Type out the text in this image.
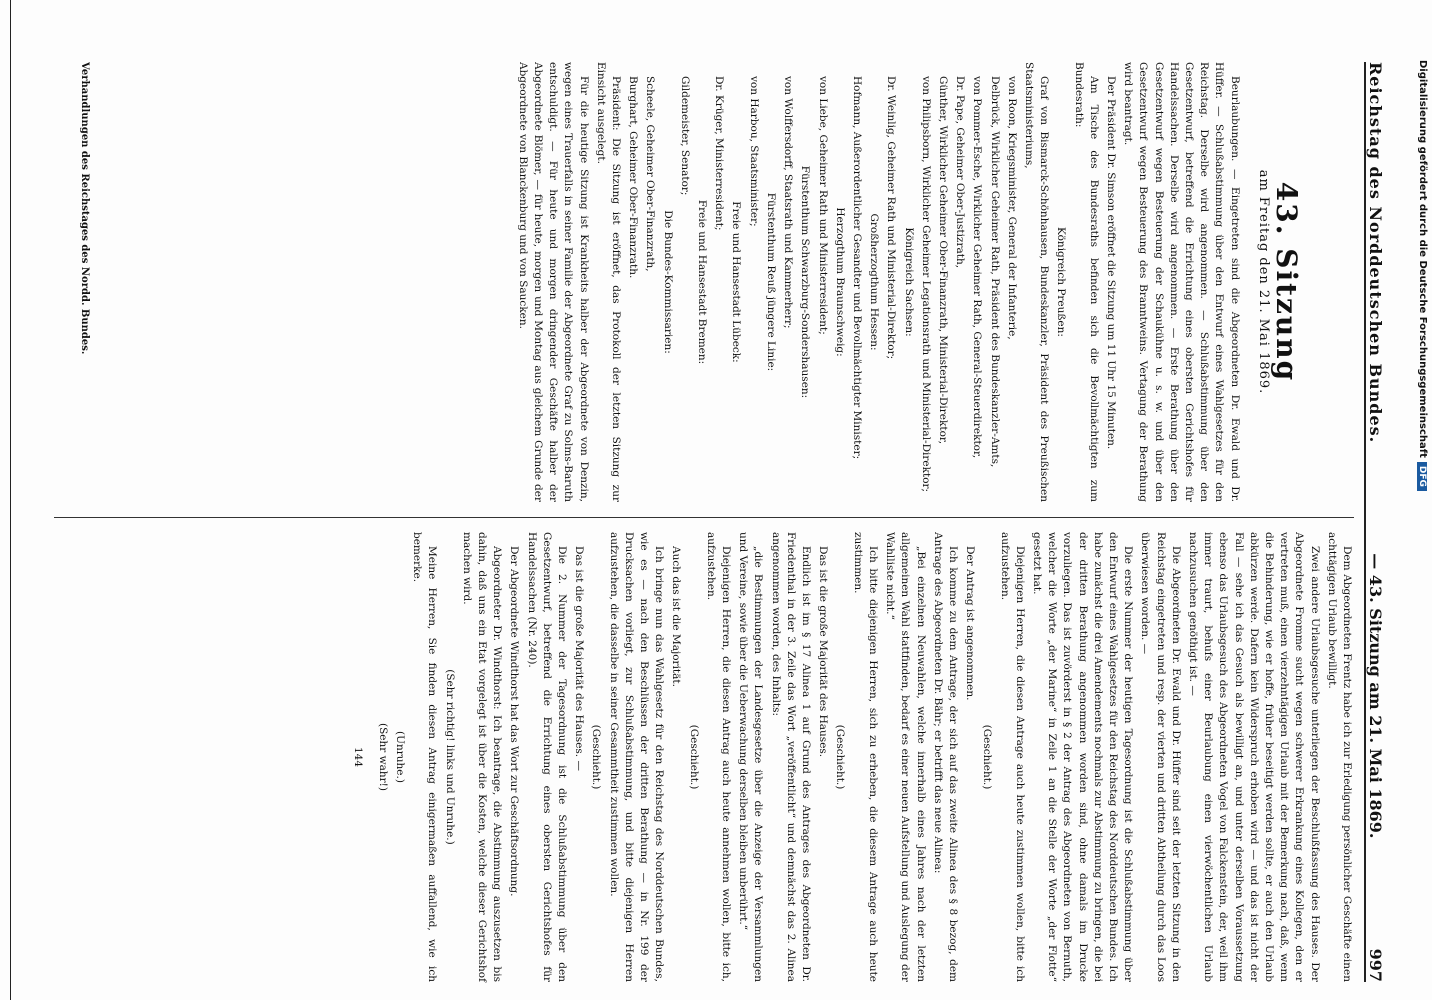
Reichstag des Norddeutschen Bundes.
— 43. Sitzung am 21. Mai 1869.
997
43. Sitzung
am Freitag den 21. Mai 1869.

Beurlaubungen. — Eingetreten sind die Abgeordneten Dr. Ewald und Dr. Hüffer. — Schlußabstimmung über den Entwurf eines Wahlgesetzes für den Reichstag. Derselbe wird angenommen. — Schlußabstimmung über den Gesetzentwurf, betreffend die Errichtung eines obersten Gerichtshofes für Handelssachen. Derselbe wird angenommen. — Erste Berathung über den Gesetzentwurf wegen Besteuerung der Schaukühne u. s. w. und über den Gesetzentwurf wegen Besteuerung des Branntweins. Vertagung der Berathung wird beantragt.

Der Präsident Dr. Simson eröffnet die Sitzung um 11 Uhr 15 Minuten.

Am Tische des Bundesraths befinden sich die Bevollmächtigten zum Bundesrath:

Königreich Preußen:

Graf von Bismarck-Schönhausen, Bundeskanzler, Präsident des Preußischen Staatsministeriums,

von Roon, Kriegsminister, General der Infanterie,

Delbrück, Wirklicher Geheimer Rath, Präsident des Bundeskanzler-Amts,

von Pommer-Esche, Wirklicher Geheimer Rath, General-Steuerdirektor,

Dr. Pape, Geheimer Ober-Justizrath,

Günther, Wirklicher Geheimer Ober-Finanzrath, Ministerial-Direktor,

von Philipsborn, Wirklicher Geheimer Legationsrath und Ministerial-Direktor;

Königreich Sachsen:

Dr. Weinlig, Geheimer Rath und Ministerial-Direktor;

Großherzogthum Hessen:

Hofmann, Außerordentlicher Gesandter und Bevollmächtigter Minister;

Herzogthum Braunschweig:

von Liebe, Geheimer Rath und Ministerresident;

Fürstenthum Schwarzburg-Sondershausen:

von Wolffersdorff, Staatsrath und Kammerherr;

Fürstenthum Reuß jüngere Linie:

von Harbou, Staatsminister;

Freie und Hansestadt Lübeck:

Dr. Krüger, Ministerresident;

Freie und Hansestadt Bremen:

Gildemeister, Senator;

Die Bundes-Kommissarien:

Scheele, Geheimer Ober-Finanzrath,

Burghart, Geheimer Ober-Finanzrath.

Präsident: Die Sitzung ist eröffnet, das Protokoll der letzten Sitzung zur Einsicht ausgelegt.

Für die heutige Sitzung ist Krankheits halber der Abgeordnete von Denzin, wegen eines Trauerfalls in seiner Familie der Abgeordnete Graf zu Solms-Baruth entschuldigt. — Für heute und morgen dringender Geschäfte halber der Abgeordnete Blömer, — für heute, morgen und Montag aus gleichem Grunde der Abgeordnete von Blanckenburg und von Saucken.

Dem Abgeordneten Frentz habe ich zur Erledigung persönlicher Geschäfte einen achttägigen Urlaub bewilligt.

Zwei andere Urlaubsgesuche unterliegen der Beschlußfassung des Hauses. Der Abgeordnete Fromme sucht wegen schwerer Erkrankung eines Kollegen, den er vertreten muß, einen vierzehntägigen Urlaub mit der Bemerkung nach, daß, wenn die Behinderung, wie er hoffe, früher beseitigt werden sollte, er auch den Urlaub abkürzen werde. Dafern kein Widerspruch erhoben wird — und das ist nicht der Fall — sehe ich das Gesuch als bewilligt an, und unter derselben Voraussetzung ebenso das Urlaubsgesuch des Abgeordneten Vogel von Falckenstein, der, weil ihm immer traurt, behufs einer Beurlaubung einen vierwöchentlichen Urlaub nachzusuchen genöthigt ist. —

Die Abgeordneten Dr. Ewald und Dr. Hüffer sind seit der letzten Sitzung in den Reichstag eingetreten und resp. der vierten und dritten Abtheilung durch das Loos überwiesen worden. —

Die erste Nummer der heutigen Tagesordnung ist die Schlußabstimmung über den Entwurf eines Wahlgesetzes für den Reichstag des Norddeutschen Bundes. Ich habe zunächst die drei Amendements nochmals zur Abstimmung zu bringen, die bei der dritten Berathung angenommen worden sind, ohne damals im Drucke vorzuliegen. Das ist zuvörderst in § 2 der Antrag des Abgeordneten von Bernuth, welcher die Worte „der Marine“ in Zeile 1 an die Stelle der Worte „der Flotte“ gesetzt hat.

Diejenigen Herren, die diesen Antrage auch heute zustimmen wollen, bitte ich aufzustehen.

(Geschieht.)

Der Antrag ist angenommen.

Ich komme zu dem Antrage, der sich auf das zweite Alinea des § 8 bezog, dem Antrage des Abgeordneten Dr. Bähr; er betrifft das neue Alinea:

„Bei einzelnen Neuwahlen, welche innerhalb eines Jahres nach der letzten allgemeinen Wahl stattfinden, bedarf es einer neuen Aufstellung und Auslegung der Wahlliste nicht.“

Ich bitte diejenigen Herren, sich zu erheben, die diesem Antrage auch heute zustimmen.

(Geschieht.)

Das ist die große Majorität des Hauses.

Endlich ist im § 17 Alinea 1 auf Grund des Antrages des Abgeordneten Dr. Friedenthal in der 3. Zeile das Wort „veröffentlicht“ und demnächst das 2. Alinea angenommen worden, des Inhalts:

„die Bestimmungen der Landesgesetze über die Anzeige der Versammlungen und Vereine, sowie über die Ueberwachung derselben bleiben unberührt.“

Diejenigen Herren, die diesen Antrag auch heute annehmen wollen, bitte ich, aufzustehen.

(Geschieht.)

Auch das ist die Majorität.

Ich bringe nun das Wahlgesetz für den Reichstag des Norddeutschen Bundes, wie es — nach den Beschlüssen der dritten Berathung — in Nr. 199 der Drucksachen vorliegt, zur Schlußabstimmung, und bitte diejenigen Herren aufzustehen, die dasselbe in seiner Gesammtheit zustimmen wollen.

(Geschieht.)

Das ist die große Majorität des Hauses. —

Die 2. Nummer der Tagesordnung ist die Schlußabstimmung über den Gesetzentwurf, betreffend die Errichtung eines obersten Gerichtshofes für Handelssachen (Nr. 240).

Der Abgeordnete Windthorst hat das Wort zur Geschäftsordnung.

Abgeordneter Dr. Windthorst: Ich beantrage, die Abstimmung auszusetzen bis dahin, daß uns ein Etat vorgelegt ist über die Kosten, welche dieser Gerichtshof machen wird.

(Sehr richtig! links und Unruhe.)

Meine Herren, Sie finden diesen Antrag einigermaßen auffallend, wie ich bemerke.

(Unruhe.)

(Sehr wahr!)

144

Verhandlungen des Reichstages des Nordd. Bundes.	Digitalisierung gefördert durch die Deutsche ForschungsgemeinschaftDFG
